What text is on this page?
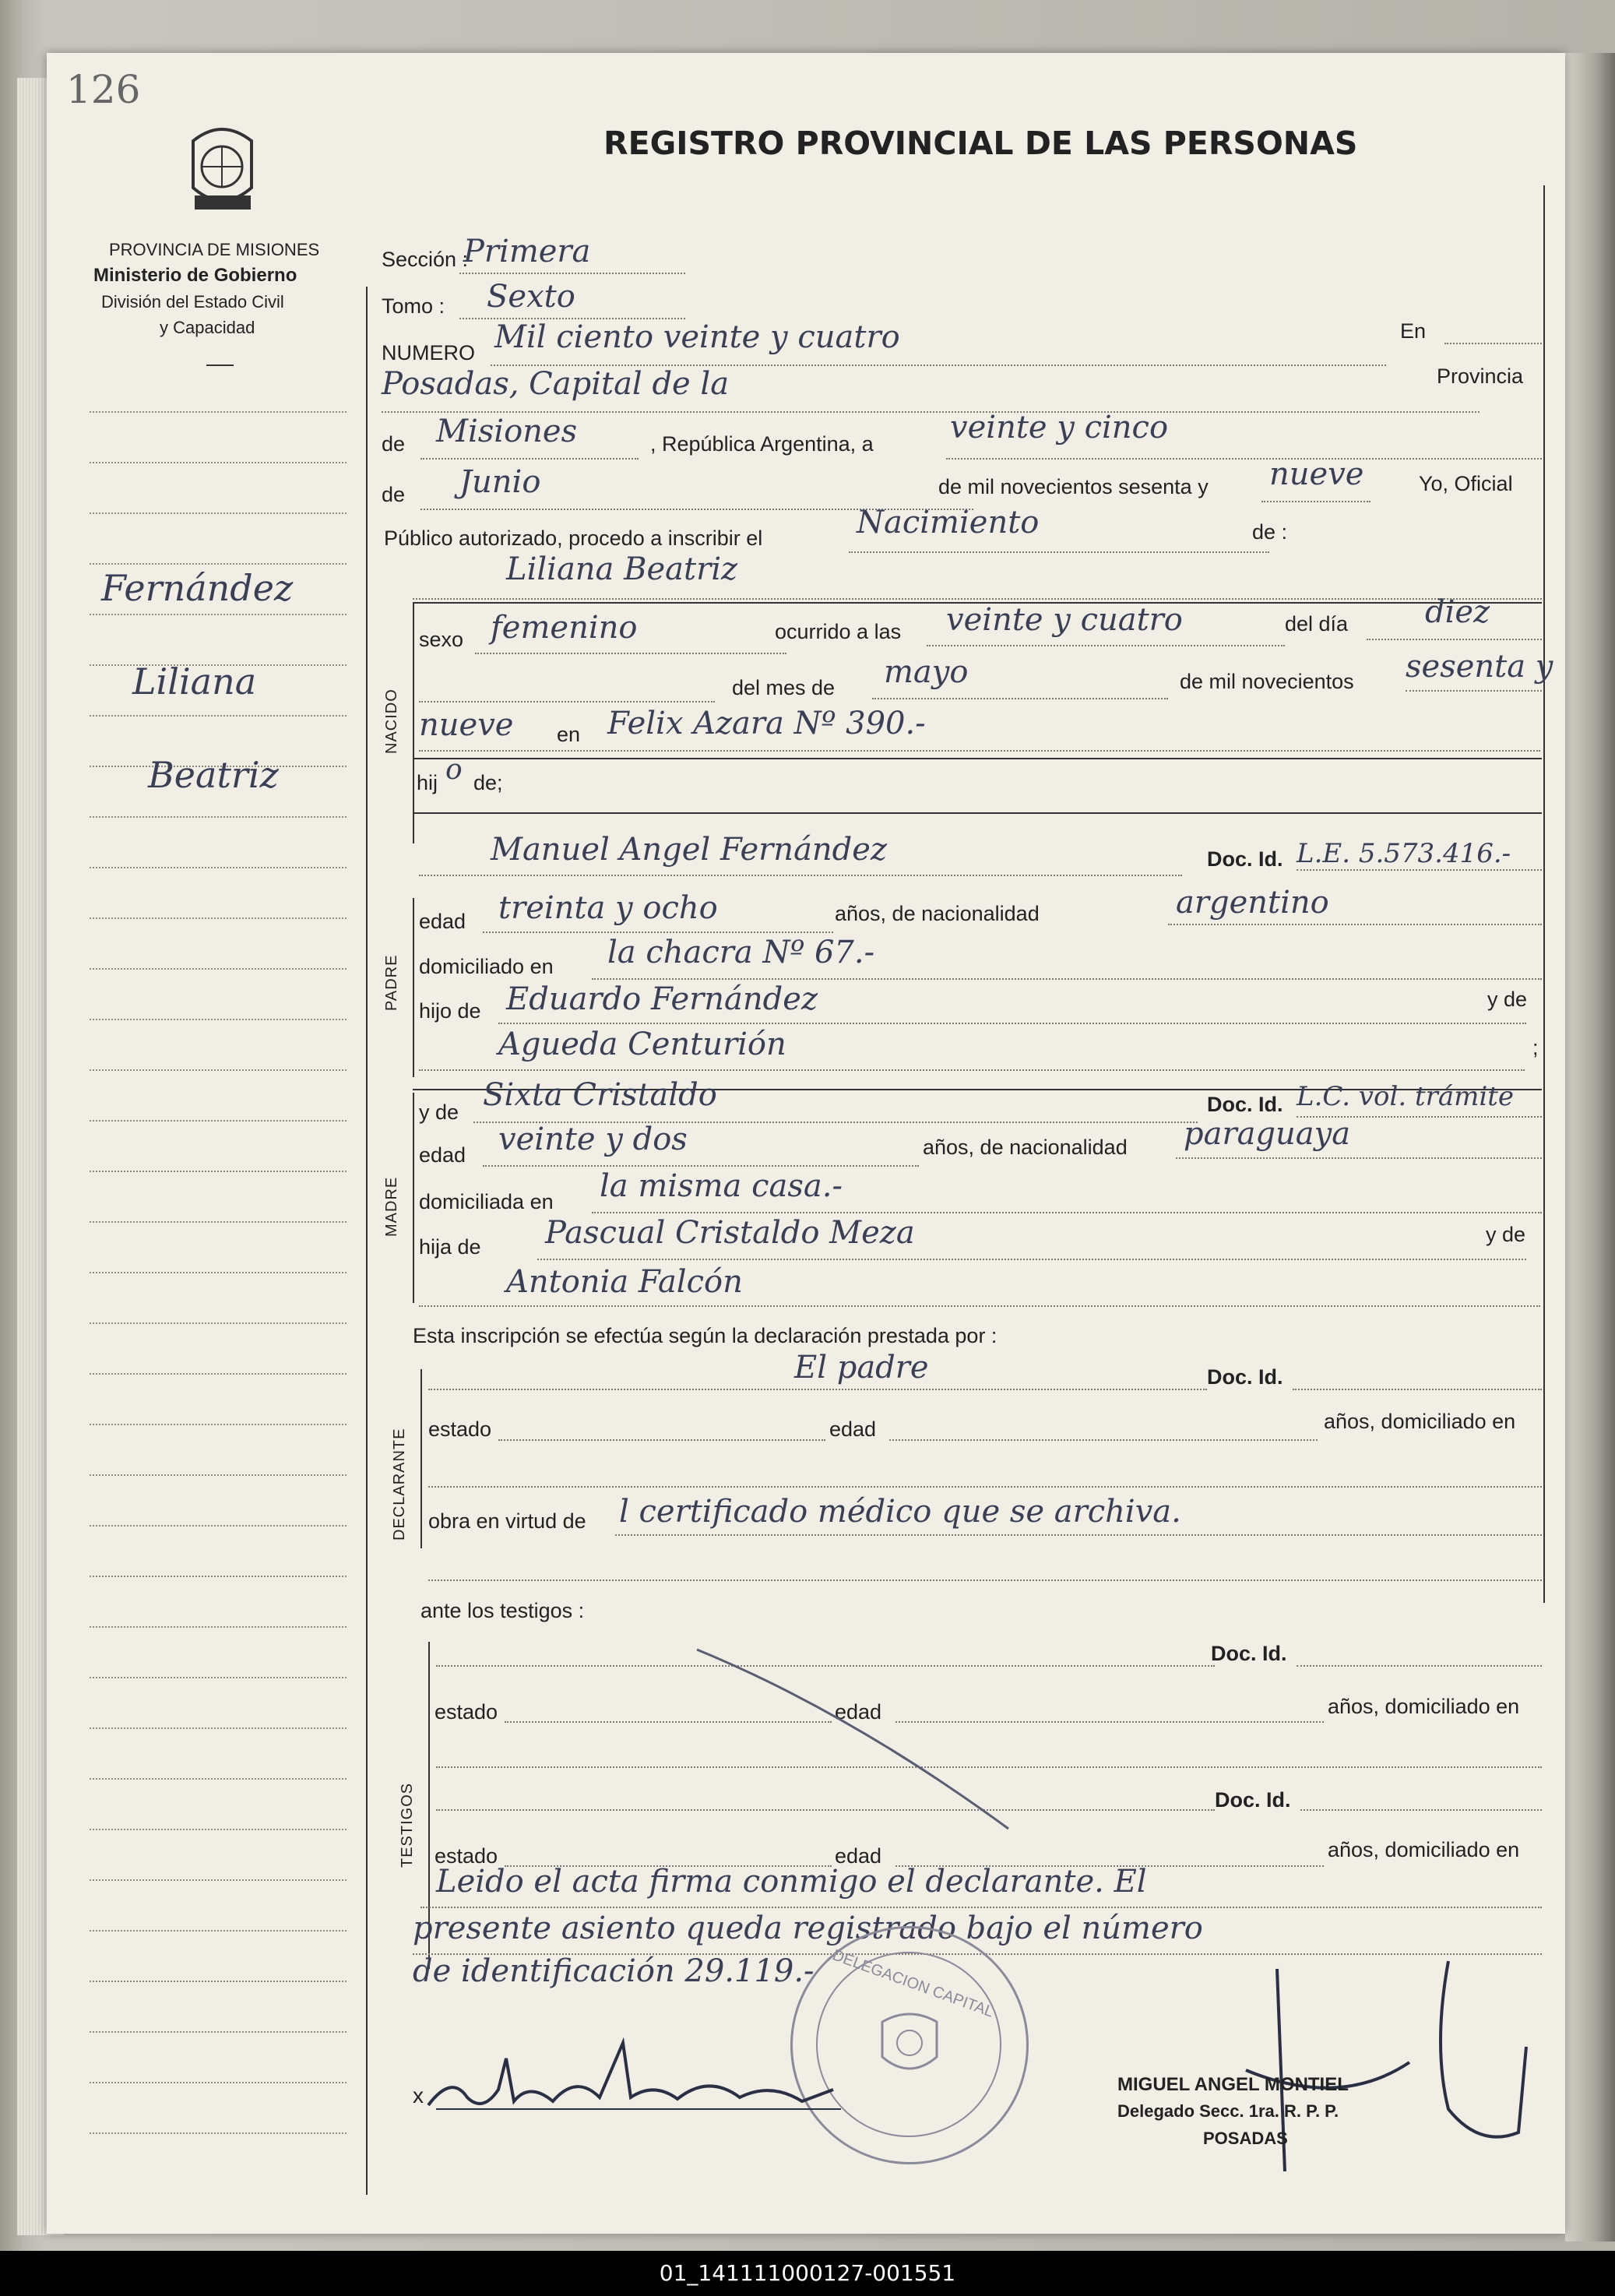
126
REGISTRO PROVINCIAL DE LAS PERSONAS
PROVINCIA DE MISIONES
Ministerio de Gobierno
División del Estado Civil
y Capacidad
Fernández
Liliana
Beatriz
NACIDO
PADRE
MADRE
DECLARANTE
TESTIGOS
Sección :
Primera
Tomo : Sexto
NUMERO Mil ciento veinte y cuatro	En
Posadas, Capital de la	Provincia
de Misiones	, República Argentina, a veinte y cinco
de Junio	de mil novecientos sesenta y nueve	Yo, Oficial
Público autorizado, procedo a inscribir el	Nacimiento	de :
Liliana Beatriz
sexo femenino	ocurrido a las veinte y cuatro	del día diez
del mes de mayo	de mil novecientos sesenta y
nueve en Felix Azara Nº 390.-
hij o de;
Manuel Angel Fernández	Doc. Id. L.E. 5.573.416.-
edad treinta y ocho	años, de nacionalidad	argentino
domiciliado en la chacra Nº 67.-
hijo de Eduardo Fernández	y de
Agueda Centurión	;
y de Sixta Cristaldo	Doc. Id. L.C. vol. trámite
edad veinte y dos	años, de nacionalidad paraguaya
domiciliada en la misma casa.-
hija de Pascual Cristaldo Meza	y de
Antonia Falcón
Esta inscripción se efectúa según la declaración prestada por :
El padre	Doc. Id.
estado	edad	años, domiciliado en
obra en virtud de l certificado médico que se archiva.
ante los testigos :
Doc. Id.
estado	edad	años, domiciliado en
Doc. Id.
estado	edad	años, domiciliado en
Leido el acta firma conmigo el declarante. El
presente asiento queda registrado bajo el número
de identificación 29.119.- DELEGACION CAPITAL
x	MIGUEL ANGEL MONTIEL
Delegado Secc. 1ra. R. P. P.
POSADAS
01_141111000127-001551
